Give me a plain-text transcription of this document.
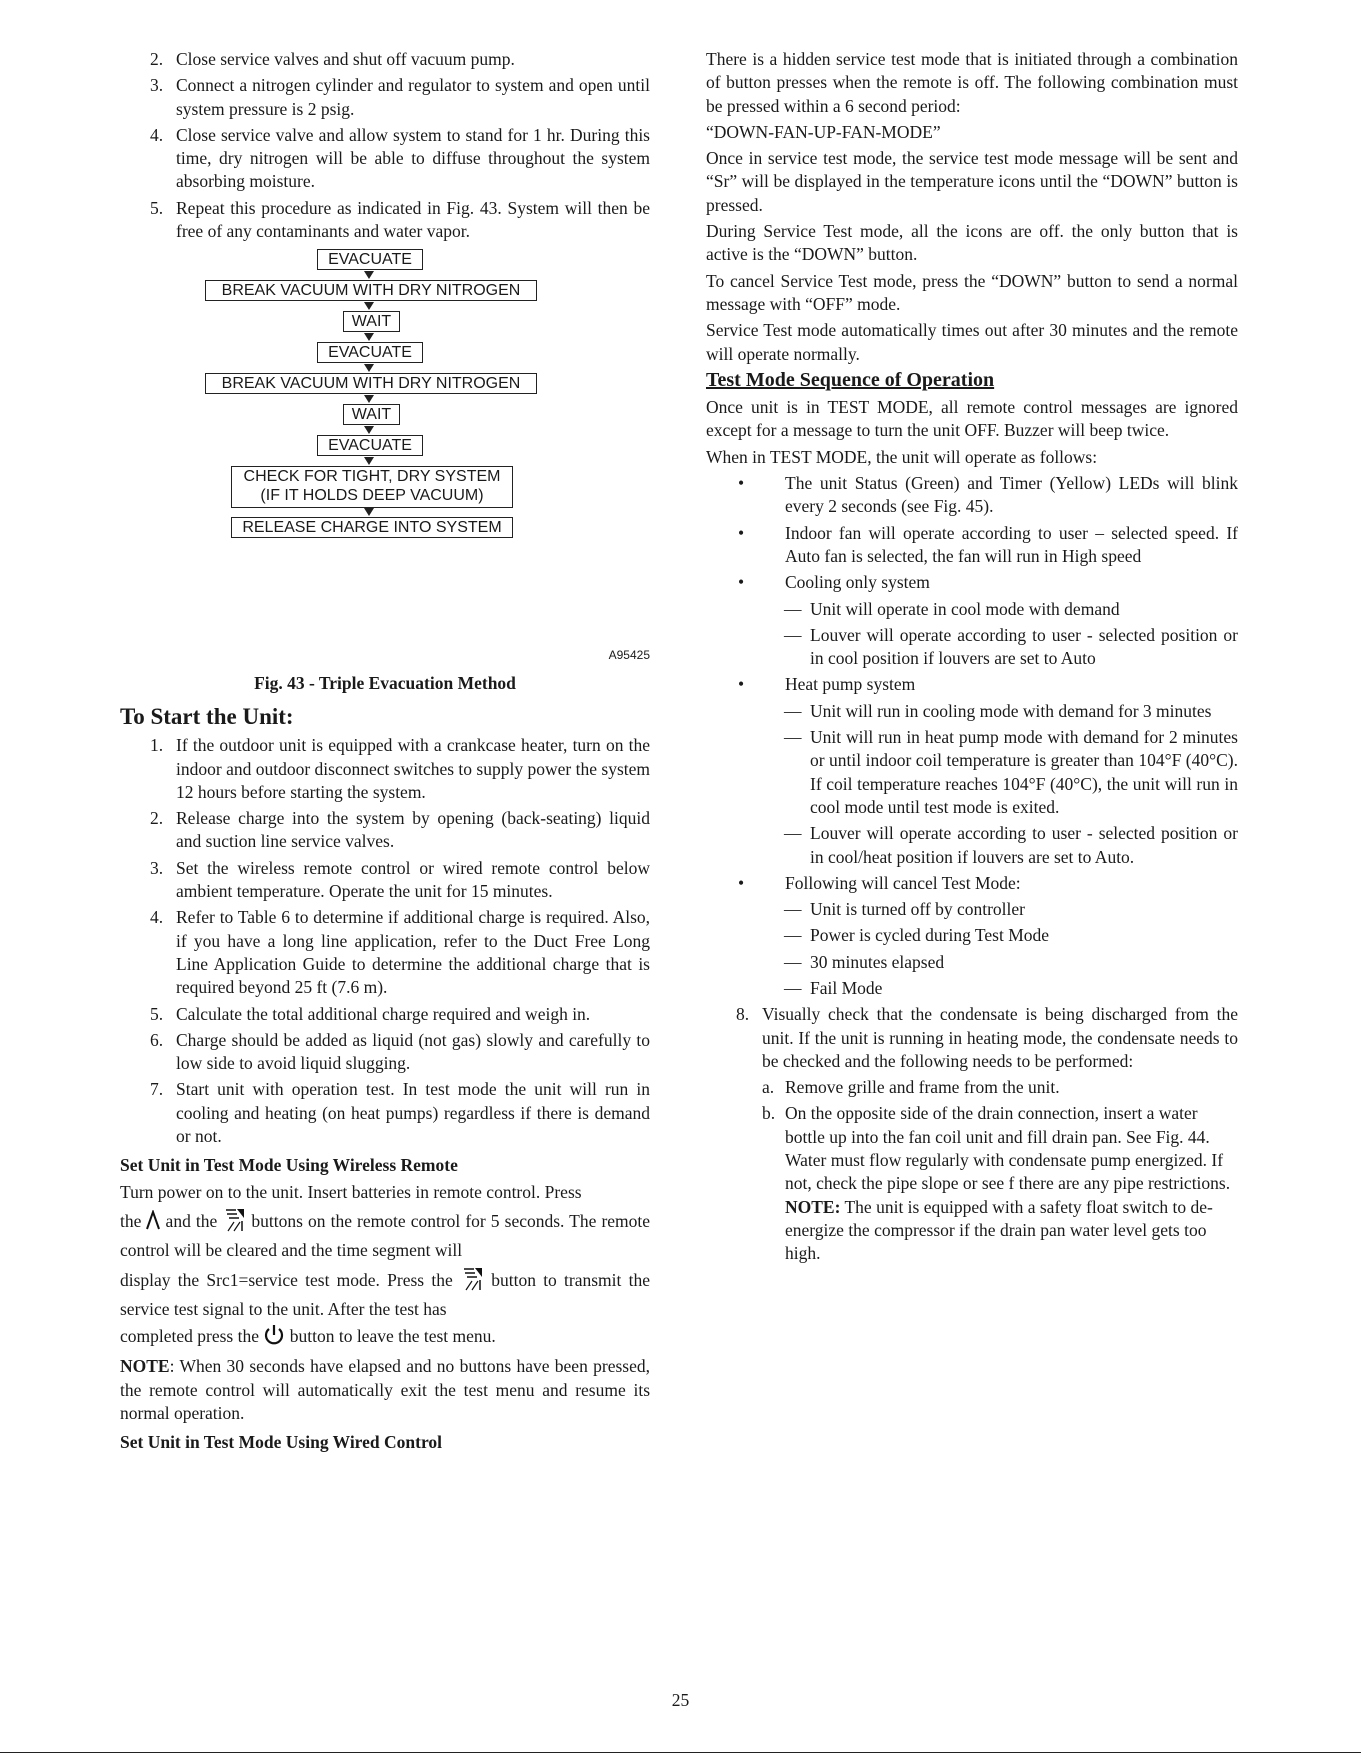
2. Close service valves and shut off vacuum pump.
3. Connect a nitrogen cylinder and regulator to system and open until system pressure is 2 psig.
4. Close service valve and allow system to stand for 1 hr. During this time, dry nitrogen will be able to diffuse throughout the system absorbing moisture.
5. Repeat this procedure as indicated in Fig. 43. System will then be free of any contaminants and water vapor.
EVACUATE
BREAK VACUUM WITH DRY NITROGEN
WAIT
EVACUATE
BREAK VACUUM WITH DRY NITROGEN
WAIT
EVACUATE
CHECK FOR TIGHT, DRY SYSTEM
(IF IT HOLDS DEEP VACUUM)
RELEASE CHARGE INTO SYSTEM
A95425
Fig. 43 - Triple Evacuation Method
To Start the Unit:
1. If the outdoor unit is equipped with a crankcase heater, turn on the indoor and outdoor disconnect switches to supply power the system 12 hours before starting the system.
2. Release charge into the system by opening (back-seating) liquid and suction line service valves.
3. Set the wireless remote control or wired remote control below ambient temperature. Operate the unit for 15 minutes.
4. Refer to Table 6 to determine if additional charge is required. Also, if you have a long line application, refer to the Duct Free Long Line Application Guide to determine the additional charge that is required beyond 25 ft (7.6 m).
5. Calculate the total additional charge required and weigh in.
6. Charge should be added as liquid (not gas) slowly and carefully to low side to avoid liquid slugging.
7. Start unit with operation test. In test mode the unit will run in cooling and heating (on heat pumps) regardless if there is demand or not.
Set Unit in Test Mode Using Wireless Remote

Turn power on to the unit. Insert batteries in remote control. Press

the and the buttons on the remote control for 5 seconds. The remote control will be cleared and the time segment will

display the Src1=service test mode. Press the button to transmit the service test signal to the unit. After the test has

completed press the button to leave the test menu.

NOTE: When 30 seconds have elapsed and no buttons have been pressed, the remote control will automatically exit the test menu and resume its normal operation.

Set Unit in Test Mode Using Wired Control

There is a hidden service test mode that is initiated through a combination of button presses when the remote is off. The following combination must be pressed within a 6 second period:

“DOWN-FAN-UP-FAN-MODE”

Once in service test mode, the service test mode message will be sent and “Sr” will be displayed in the temperature icons until the “DOWN” button is pressed.

During Service Test mode, all the icons are off. the only button that is active is the “DOWN” button.

To cancel Service Test mode, press the “DOWN” button to send a normal message with “OFF” mode.

Service Test mode automatically times out after 30 minutes and the remote will operate normally.

Test Mode Sequence of Operation

Once unit is in TEST MODE, all remote control messages are ignored except for a message to turn the unit OFF. Buzzer will beep twice.

When in TEST MODE, the unit will operate as follows:

• The unit Status (Green) and Timer (Yellow) LEDs will blink every 2 seconds (see Fig. 45).
• Indoor fan will operate according to user – selected speed. If Auto fan is selected, the fan will run in High speed
• Cooling only system
— Unit will operate in cool mode with demand
— Louver will operate according to user - selected position or in cool position if louvers are set to Auto
• Heat pump system
— Unit will run in cooling mode with demand for 3 minutes
— Unit will run in heat pump mode with demand for 2 minutes or until indoor coil temperature is greater than 104°F (40°C). If coil temperature reaches 104°F (40°C), the unit will run in cool mode until test mode is exited.
— Louver will operate according to user - selected position or in cool/heat position if louvers are set to Auto.
• Following will cancel Test Mode:
— Unit is turned off by controller
— Power is cycled during Test Mode
— 30 minutes elapsed
— Fail Mode
8. Visually check that the condensate is being discharged from the unit. If the unit is running in heating mode, the condensate needs to be checked and the following needs to be performed:
a. Remove grille and frame from the unit.
b. On the opposite side of the drain connection, insert a water bottle up into the fan coil unit and fill drain pan. See Fig. 44. Water must flow regularly with condensate pump energized. If not, check the pipe slope or see f there are any pipe restrictions.
NOTE: The unit is equipped with a safety float switch to de-energize the compressor if the drain pan water level gets too high.
25
